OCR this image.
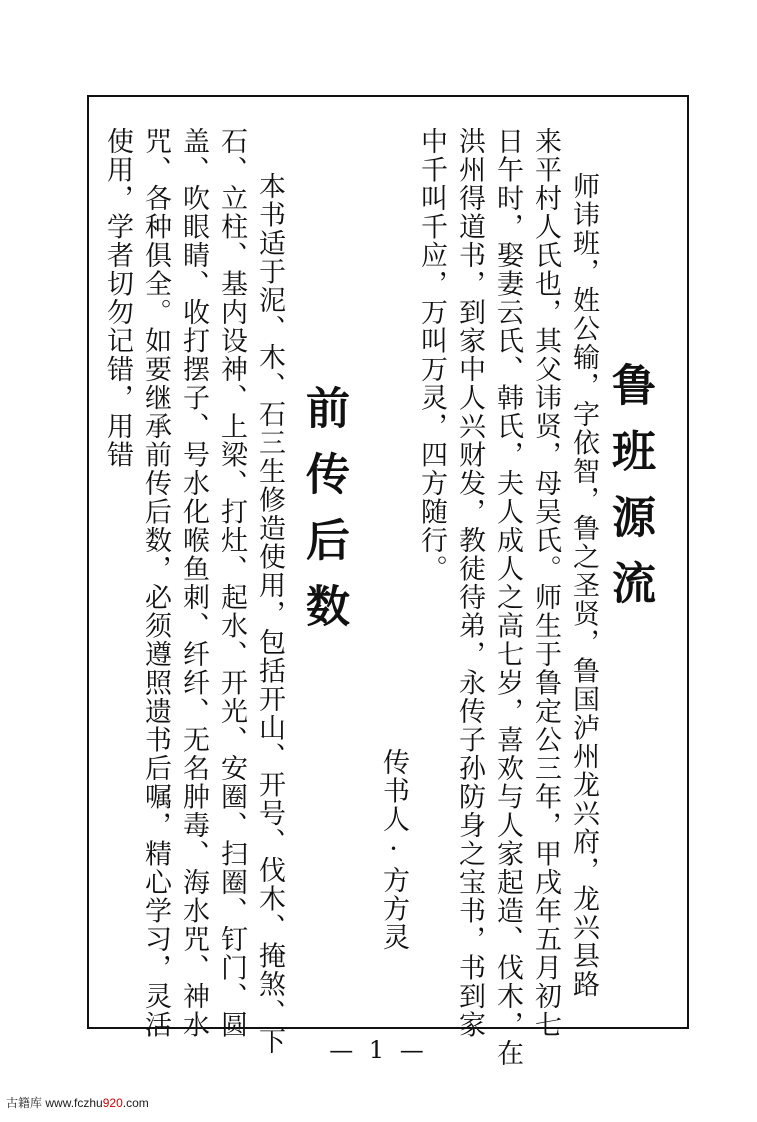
鲁班源流
师讳班，姓公输，字依智，鲁之圣贤，鲁国泸州龙兴府，龙兴县路
来平村人氏也，其父讳贤，母吴氏。师生于鲁定公三年，甲戌年五月初七
日午时，娶妻云氏、韩氏，夫人成人之高七岁，喜欢与人家起造、伐木，在
洪州得道书，到家中人兴财发，教徒待弟，永传子孙防身之宝书，书到家
中千叫千应，万叫万灵，四方随行。
传书人·方方灵
前传后数
本书适于泥、木、石三生修造使用，包括开山、开号、伐木、掩煞、下
石、立柱、基内设神、上梁、打灶、起水、开光、安圈、扫圈、钉门、圆
盖、吹眼睛、收打摆子、号水化喉鱼刺、纤纤、无名肿毒、海水咒、神水
咒、各种俱全。如要继承前传后数，必须遵照遗书后嘱，精心学习，灵活
使用，学者切勿记错，用错
— 1 —
古籍库 www.fczhu920.com
